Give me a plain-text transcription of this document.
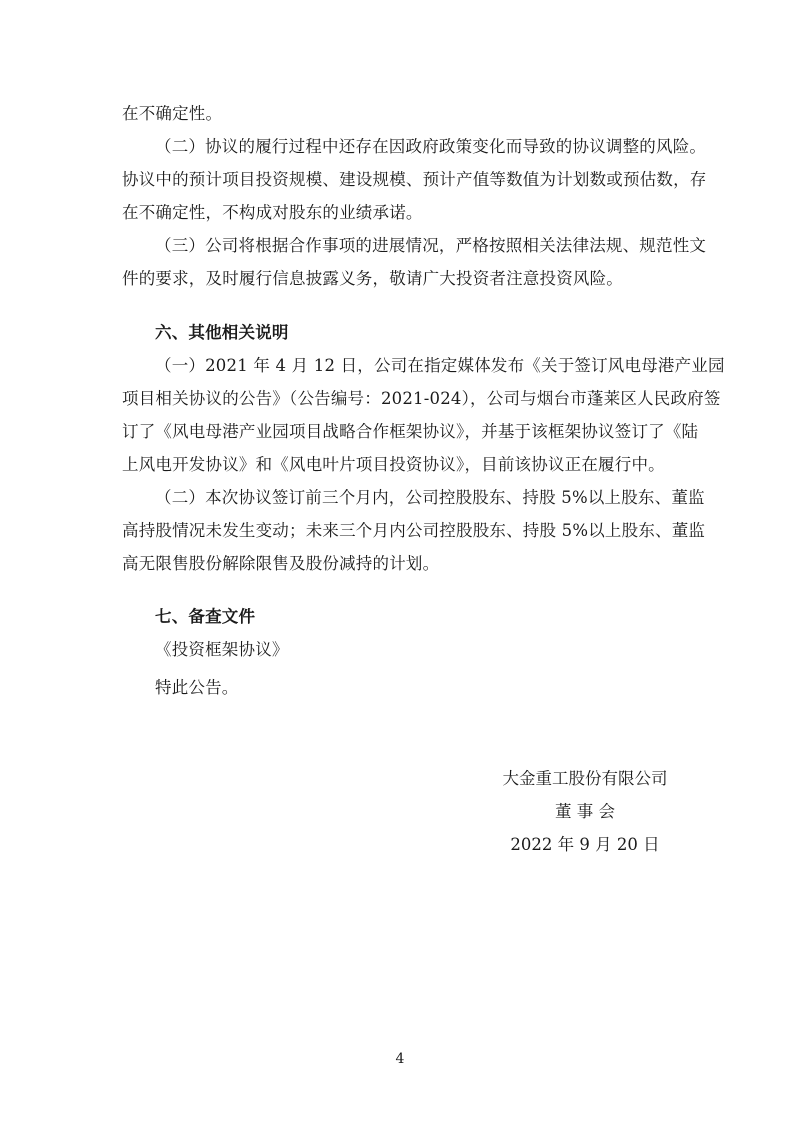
在不确定性。
（二）协议的履行过程中还存在因政府政策变化而导致的协议调整的风险。
协议中的预计项目投资规模、建设规模、预计产值等数值为计划数或预估数，存
在不确定性，不构成对股东的业绩承诺。
（三）公司将根据合作事项的进展情况，严格按照相关法律法规、规范性文
件的要求，及时履行信息披露义务，敬请广大投资者注意投资风险。
六、其他相关说明
（一）2021 年 4 月 12 日，公司在指定媒体发布《关于签订风电母港产业园
项目相关协议的公告》（公告编号：2021-024），公司与烟台市蓬莱区人民政府签
订了《风电母港产业园项目战略合作框架协议》，并基于该框架协议签订了《陆
上风电开发协议》和《风电叶片项目投资协议》，目前该协议正在履行中。
（二）本次协议签订前三个月内，公司控股股东、持股 5%以上股东、董监
高持股情况未发生变动；未来三个月内公司控股股东、持股 5%以上股东、董监
高无限售股份解除限售及股份减持的计划。
七、备查文件
《投资框架协议》
特此公告。
大金重工股份有限公司
董 事 会
2022 年 9 月 20 日
4
